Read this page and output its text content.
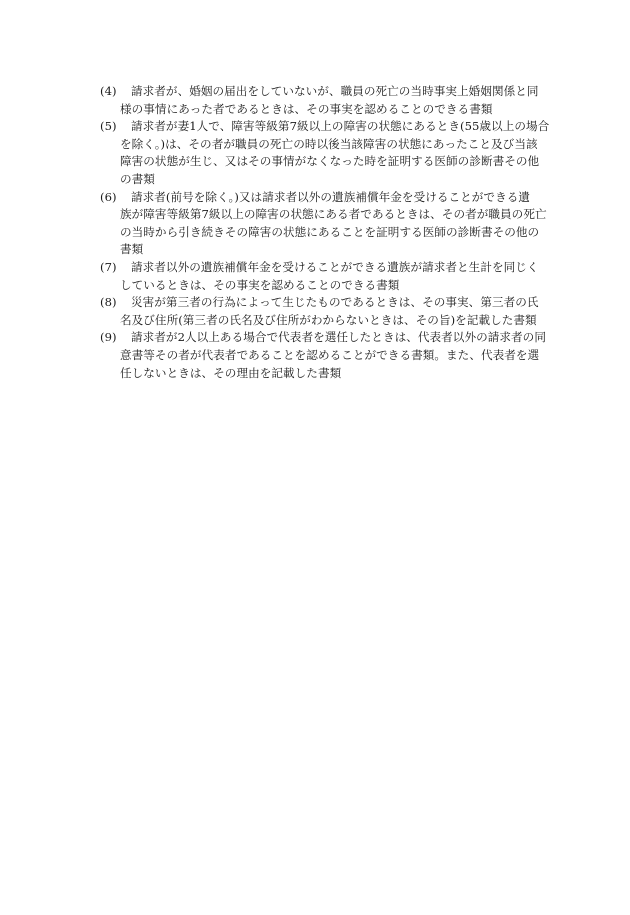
(4)	請求者が、婚姻の届出をしていないが、職員の死亡の当時事実上婚姻関係と同
様の事情にあった者であるときは、その事実を認めることのできる書類
(5)	請求者が妻1人で、障害等級第7級以上の障害の状態にあるとき(55歳以上の場合
を除く。)は、その者が職員の死亡の時以後当該障害の状態にあったこと及び当該
障害の状態が生じ、又はその事情がなくなった時を証明する医師の診断書その他
の書類
(6)	請求者(前号を除く。)又は請求者以外の遺族補償年金を受けることができる遺
族が障害等級第7級以上の障害の状態にある者であるときは、その者が職員の死亡
の当時から引き続きその障害の状態にあることを証明する医師の診断書その他の
書類
(7)	請求者以外の遺族補償年金を受けることができる遺族が請求者と生計を同じく
しているときは、その事実を認めることのできる書類
(8)	災害が第三者の行為によって生じたものであるときは、その事実、第三者の氏
名及び住所(第三者の氏名及び住所がわからないときは、その旨)を記載した書類
(9)	請求者が2人以上ある場合で代表者を選任したときは、代表者以外の請求者の同
意書等その者が代表者であることを認めることができる書類。また、代表者を選
任しないときは、その理由を記載した書類
